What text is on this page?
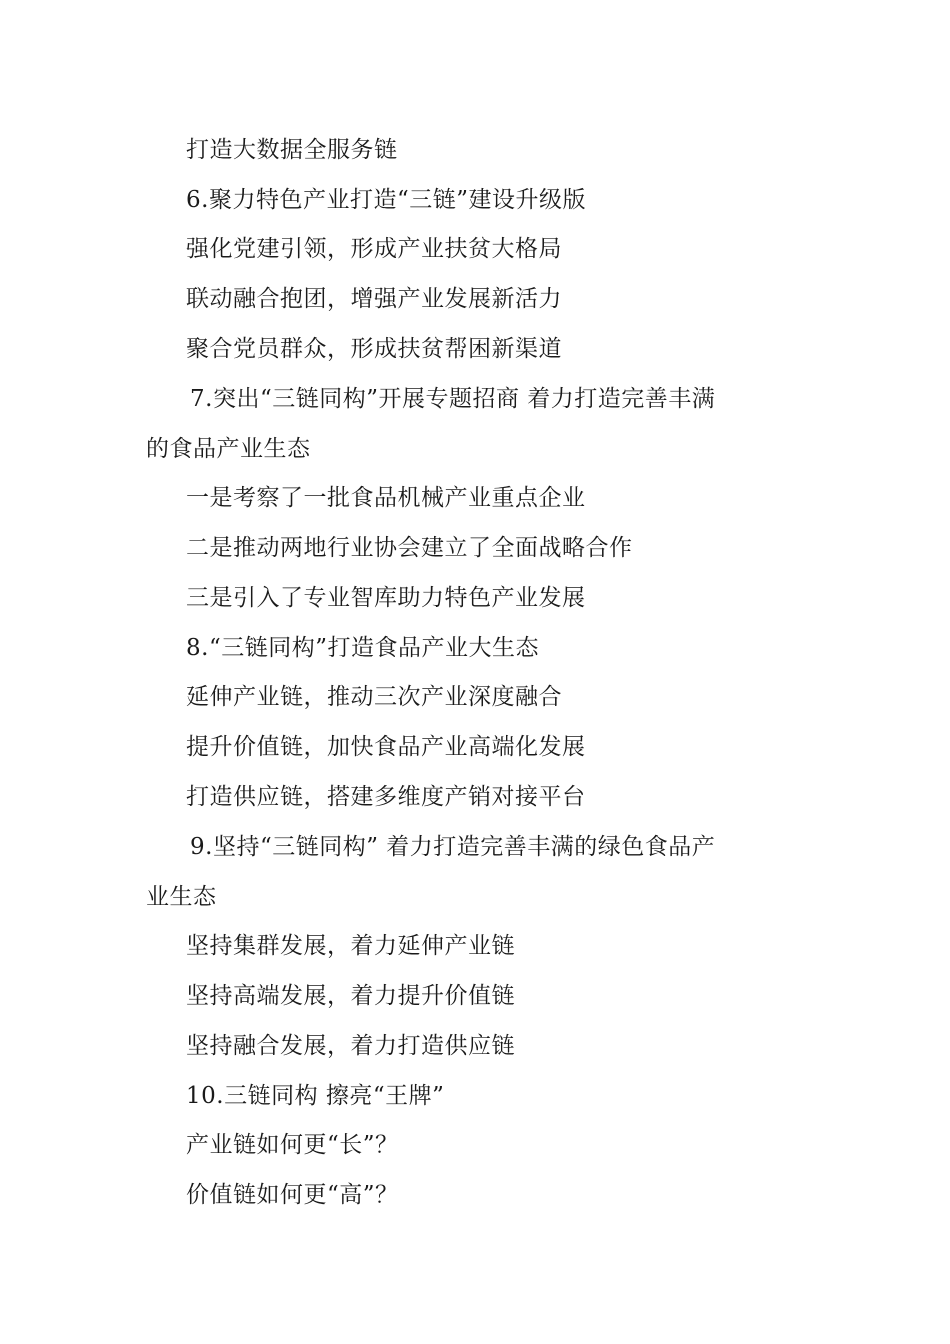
打造大数据全服务链
6.聚力特色产业打造“三链”建设升级版
强化党建引领，形成产业扶贫大格局
联动融合抱团，增强产业发展新活力
聚合党员群众，形成扶贫帮困新渠道
7.突出“三链同构”开展专题招商 着力打造完善丰满
的食品产业生态
一是考察了一批食品机械产业重点企业
二是推动两地行业协会建立了全面战略合作
三是引入了专业智库助力特色产业发展
8.“三链同构”打造食品产业大生态
延伸产业链，推动三次产业深度融合
提升价值链，加快食品产业高端化发展
打造供应链，搭建多维度产销对接平台
9.坚持“三链同构” 着力打造完善丰满的绿色食品产
业生态
坚持集群发展，着力延伸产业链
坚持高端发展，着力提升价值链
坚持融合发展，着力打造供应链
10.三链同构 擦亮“王牌”
产业链如何更“长”？
价值链如何更“高”？
